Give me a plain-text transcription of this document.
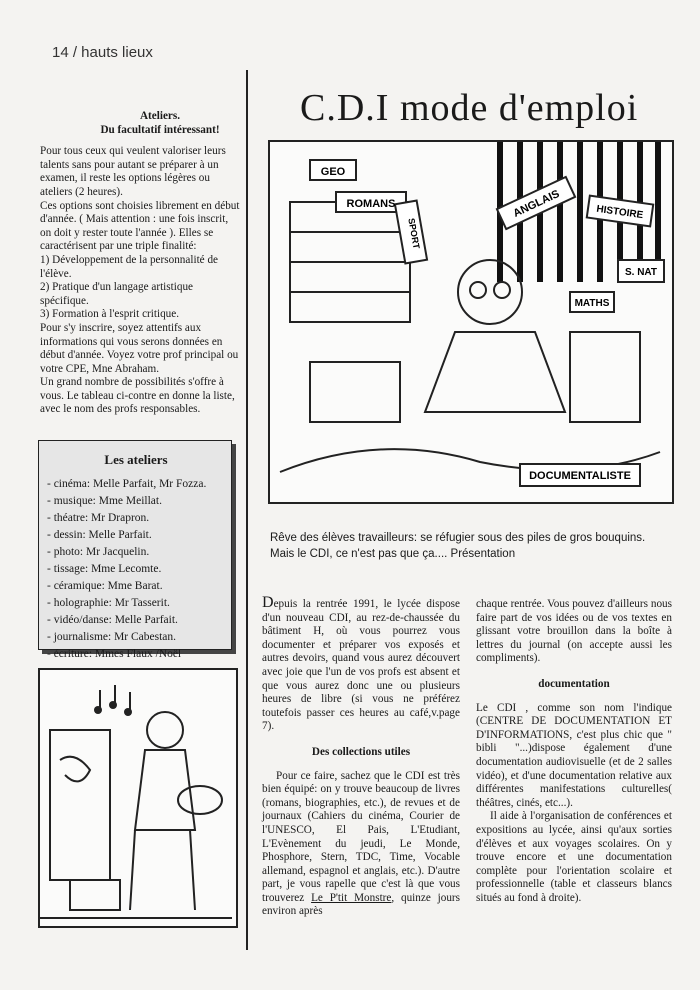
14 / hauts lieux
Ateliers.
Du facultatif intéressant!

Pour tous ceux qui veulent valoriser leurs talents sans pour autant se préparer à un examen, il reste les options légères ou ateliers (2 heures).

Ces options sont choisies librement en début d'année. ( Mais attention : une fois inscrit, on doit y rester toute l'année ). Elles se caractérisent par une triple finalité:

1) Développement de la personnalité de l'élève.

2) Pratique d'un langage artistique spécifique.

3) Formation à l'esprit critique.

Pour s'y inscrire, soyez attentifs aux informations qui vous serons données en début d'année. Voyez votre prof principal ou votre CPE, Mne Abraham.

Un grand nombre de possibilités s'offre à vous. Le tableau ci-contre en donne la liste, avec le nom des profs responsables.

Les ateliers
- cinéma: Melle Parfait, Mr Fozza.
- musique: Mme Meillat.
- théatre: Mr Drapron.
- dessin: Melle Parfait.
- photo: Mr Jacquelin.
- tissage: Mme Lecomte.
- céramique: Mme Barat.
- holographie: Mr Tasserit.
- vidéo/danse: Melle Parfait.
- journalisme: Mr Cabestan.
- écriture: Mmes Flaux /Noël
C.D.I mode d'emploi
GEO
ROMANS
SPORT
ANGLAIS	HISTOIRE
S. NAT
MATHS
DOCUMENTALISTE
Rêve des élèves travailleurs: se réfugier sous des piles de gros bouquins.
Mais le CDI, ce n'est pas que ça.... Présentation

Depuis la rentrée 1991, le lycée dispose d'un nouveau CDI, au rez-de-chaussée du bâtiment H, où vous pourrez vous documenter et préparer vos exposés et autres devoirs, quand vous aurez découvert avec joie que l'un de vos profs est absent et que vous aurez donc une ou plusieurs heures de libre (si vous ne préférez toutefois passer ces heures au café,v.page 7).

Des collections utiles

Pour ce faire, sachez que le CDI est très bien équipé: on y trouve beaucoup de livres (romans, biographies, etc.), de revues et de journaux (Cahiers du cinéma, Courier de l'UNESCO, El Pais, L'Etudiant, L'Evènement du jeudi, Le Monde, Phosphore, Stern, TDC, Time, Vocable allemand, espagnol et anglais, etc.). D'autre part, je vous rapelle que c'est là que vous trouverez Le P'tit Monstre, quinze jours environ après

chaque rentrée. Vous pouvez d'ailleurs nous faire part de vos idées ou de vos textes en glissant votre brouillon dans la boîte à lettres du journal (on accepte aussi les compliments).

documentation

Le CDI , comme son nom l'indique (CENTRE DE DOCUMENTATION ET D'INFORMATIONS, c'est plus chic que " bibli "...)dispose également d'une documentation audiovisuelle (et de 2 salles vidéo), et d'une documentation relative aux différentes manifestations culturelles( théâtres, cinés, etc...).

Il aide à l'organisation de conférences et expositions au lycée, ainsi qu'aux sorties d'élèves et aux voyages scolaires. On y trouve encore et une documentation complète pour l'orientation scolaire et professionnelle (table et classeurs blancs situés au fond à droite).
